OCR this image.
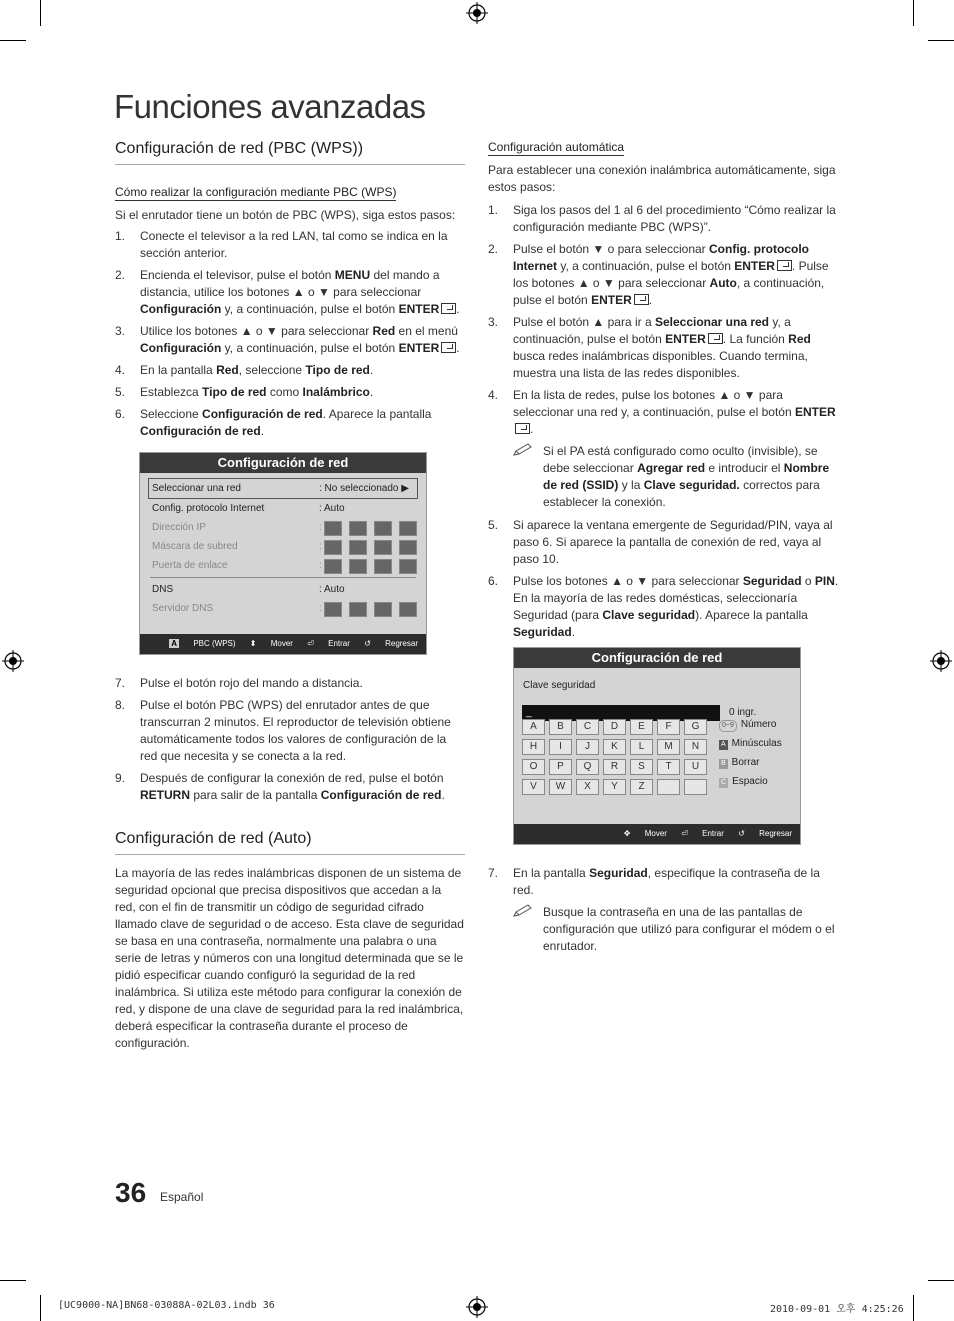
Funciones avanzadas
Configuración de red (PBC (WPS))
Cómo realizar la configuración mediante PBC (WPS)

Si el enrutador tiene un botón de PBC (WPS), siga estos pasos:

1. Conecte el televisor a la red LAN, tal como se indica en la sección anterior.
2. Encienda el televisor, pulse el botón MENU del mando a distancia, utilice los botones ▲ o ▼ para seleccionar Configuración y, a continuación, pulse el botón ENTER .
3. Utilice los botones ▲ o ▼ para seleccionar Red en el menú Configuración y, a continuación, pulse el botón ENTER .
4. En la pantalla Red, seleccione Tipo de red.
5. Establezca Tipo de red como Inalámbrico.
6. Seleccione Configuración de red. Aparece la pantalla Configuración de red.
Configuración de red
Seleccionar una red	: No seleccionado ▶
Config. protocolo Internet	: Auto
Dirección IP	:
Máscara de subred	:
Puerta de enlace	:
DNS	: Auto
Servidor DNS	:
A PBC (WPS) ⬍ Mover ⏎ Entrar ↺ Regresar
7. Pulse el botón rojo del mando a distancia.
8. Pulse el botón PBC (WPS) del enrutador antes de que transcurran 2 minutos. El reproductor de televisión obtiene automáticamente todos los valores de configuración de la red que necesita y se conecta a la red.
9. Después de configurar la conexión de red, pulse el botón RETURN para salir de la pantalla Configuración de red.
Configuración de red (Auto)

La mayoría de las redes inalámbricas disponen de un sistema de seguridad opcional que precisa dispositivos que accedan a la red, con el fin de transmitir un código de seguridad cifrado llamado clave de seguridad o de acceso. Esta clave de seguridad se basa en una contraseña, normalmente una palabra o una serie de letras y números con una longitud determinada que se le pidió especificar cuando configuró la seguridad de la red inalámbrica. Si utiliza este método para configurar la conexión de red, y dispone de una clave de seguridad para la red inalámbrica, deberá especificar la contraseña durante el proceso de configuración.

Configuración automática

Para establecer una conexión inalámbrica automáticamente, siga estos pasos:

1. Siga los pasos del 1 al 6 del procedimiento “Cómo realizar la configuración mediante PBC (WPS)”.
2. Pulse el botón ▼ o para seleccionar Config. protocolo Internet y, a continuación, pulse el botón ENTER . Pulse los botones ▲ o ▼ para seleccionar Auto, a continuación, pulse el botón ENTER .
3. Pulse el botón ▲ para ir a Seleccionar una red y, a continuación, pulse el botón ENTER . La función Red busca redes inalámbricas disponibles. Cuando termina, muestra una lista de las redes disponibles.
4. En la lista de redes, pulse los botones ▲ o ▼ para seleccionar una red y, a continuación, pulse el botón ENTER.

Si el PA está configurado como oculto (invisible), se debe seleccionar Agregar red e introducir el Nombre de red (SSID) y la Clave seguridad. correctos para establecer la conexión.

5. Si aparece la ventana emergente de Seguridad/PIN, vaya al paso 6. Si aparece la pantalla de conexión de red, vaya al paso 10.
6. Pulse los botones ▲ o ▼ para seleccionar Seguridad o PIN. En la mayoría de las redes domésticas, seleccionaría Seguridad (para Clave seguridad). Aparece la pantalla Seguridad.
Configuración de red
Clave seguridad
_	0 ingr.
A B C D E F G
H I J K L M N
O P Q R S T U
V W X Y Z

0~9 Número
A Minúsculas
B Borrar
C Espacio
✥ Mover ⏎ Entrar ↺ Regresar
7. En la pantalla Seguridad, especifique la contraseña de la red.

Busque la contraseña en una de las pantallas de configuración que utilizó para configurar el módem o el enrutador.

36 Español
[UC9000-NA]BN68-03088A-02L03.indb 36	2010-09-01 오후 4:25:26
